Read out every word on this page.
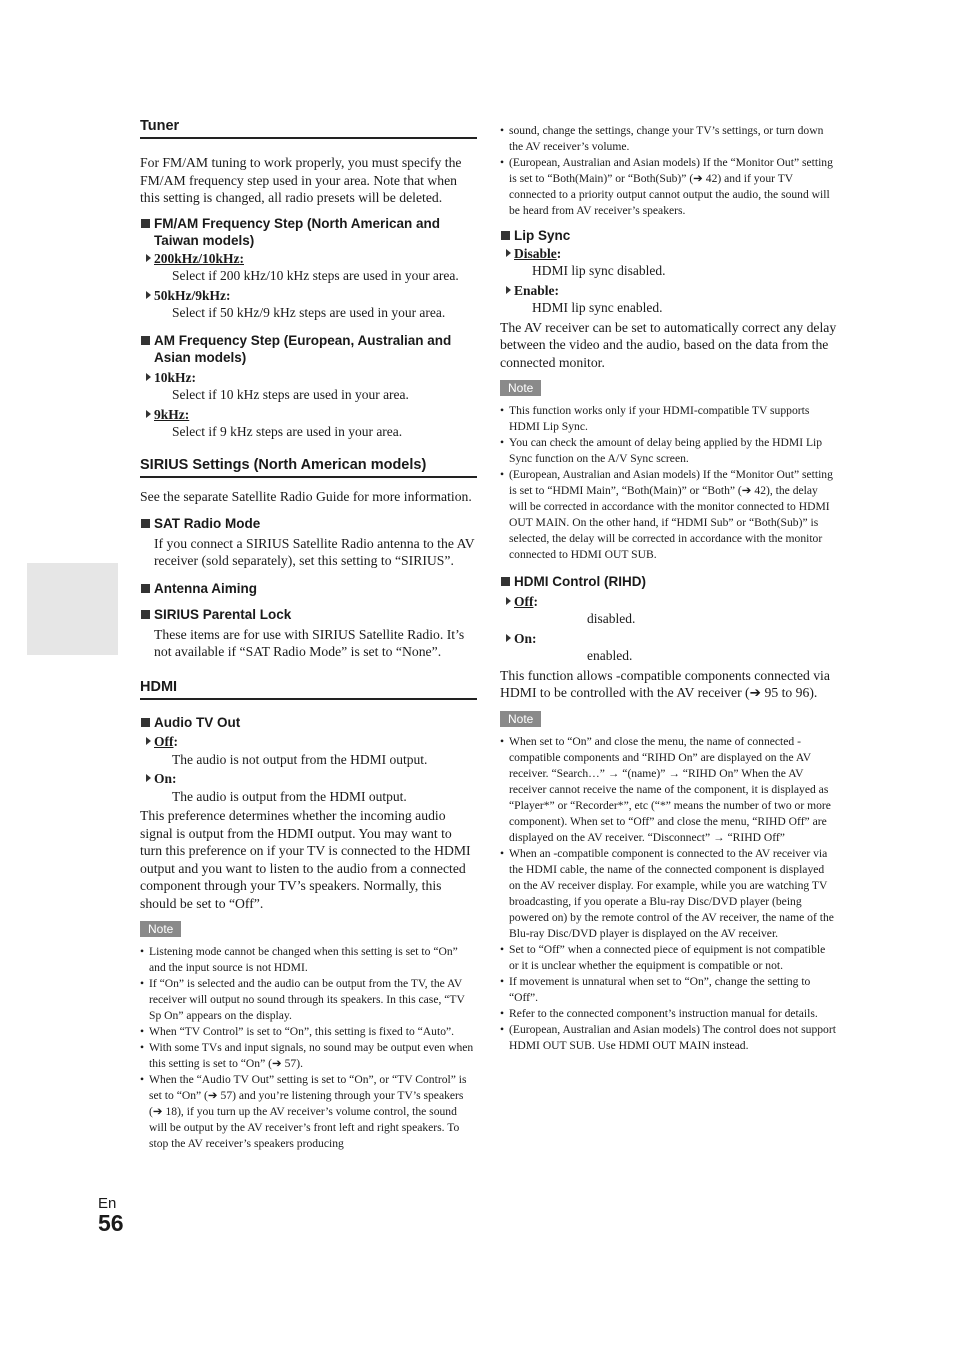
En
56
Tuner

For FM/AM tuning to work properly, you must specify the FM/AM frequency step used in your area. Note that when this setting is changed, all radio presets will be deleted.

FM/AM Frequency Step (North American and Taiwan models)

200kHz/10kHz:

Select if 200 kHz/10 kHz steps are used in your area.

50kHz/9kHz:

Select if 50 kHz/9 kHz steps are used in your area.

AM Frequency Step (European, Australian and Asian models)

10kHz:

Select if 10 kHz steps are used in your area.

9kHz:

Select if 9 kHz steps are used in your area.

SIRIUS Settings (North American models)

See the separate Satellite Radio Guide for more information.

SAT Radio Mode

If you connect a SIRIUS Satellite Radio antenna to the AV receiver (sold separately), set this setting to “SIRIUS”.

Antenna Aiming

SIRIUS Parental Lock

These items are for use with SIRIUS Satellite Radio. It’s not available if “SAT Radio Mode” is set to “None”.

HDMI

Audio TV Out

Off:

The audio is not output from the HDMI output.

On:

The audio is output from the HDMI output.

This preference determines whether the incoming audio signal is output from the HDMI output. You may want to turn this preference on if your TV is connected to the HDMI output and you want to listen to the audio from a connected component through your TV’s speakers. Normally, this should be set to “Off”.

Note
• Listening mode cannot be changed when this setting is set to “On” and the input source is not HDMI.
• If “On” is selected and the audio can be output from the TV, the AV receiver will output no sound through its speakers. In this case, “TV Sp On” appears on the display.
• When “TV Control” is set to “On”, this setting is fixed to “Auto”.
• With some TVs and input signals, no sound may be output even when this setting is set to “On” (➔ 57).
• When the “Audio TV Out” setting is set to “On”, or “TV Control” is set to “On” (➔ 57) and you’re listening through your TV’s speakers (➔ 18), if you turn up the AV receiver’s volume control, the sound will be output by the AV receiver’s front left and right speakers. To stop the AV receiver’s speakers producing
• sound, change the settings, change your TV’s settings, or turn down the AV receiver’s volume.
• (European, Australian and Asian models) If the “Monitor Out” setting is set to “Both(Main)” or “Both(Sub)” (➔ 42) and if your TV connected to a priority output cannot output the audio, the sound will be heard from AV receiver’s speakers.

Lip Sync

Disable:

HDMI lip sync disabled.

Enable:

HDMI lip sync enabled.

The AV receiver can be set to automatically correct any delay between the video and the audio, based on the data from the connected monitor.

Note
• This function works only if your HDMI-compatible TV supports HDMI Lip Sync.
• You can check the amount of delay being applied by the HDMI Lip Sync function on the A/V Sync screen.
• (European, Australian and Asian models) If the “Monitor Out” setting is set to “HDMI Main”, “Both(Main)” or “Both” (➔ 42), the delay will be corrected in accordance with the monitor connected to HDMI OUT MAIN. On the other hand, if “HDMI Sub” or “Both(Sub)” is selected, the delay will be corrected in accordance with the monitor connected to HDMI OUT SUB.

HDMI Control (RIHD)

Off:

disabled.

On:

enabled.

This function allows -compatible components connected via HDMI to be controlled with the AV receiver (➔ 95 to 96).

Note
• When set to “On” and close the menu, the name of connected -compatible components and “RIHD On” are displayed on the AV receiver. “Search…” → “(name)” → “RIHD On” When the AV receiver cannot receive the name of the component, it is displayed as “Player*” or “Recorder*”, etc (“*” means the number of two or more component). When set to “Off” and close the menu, “RIHD Off” are displayed on the AV receiver. “Disconnect” → “RIHD Off”
• When an -compatible component is connected to the AV receiver via the HDMI cable, the name of the connected component is displayed on the AV receiver display. For example, while you are watching TV broadcasting, if you operate a Blu-ray Disc/DVD player (being powered on) by the remote control of the AV receiver, the name of the Blu-ray Disc/DVD player is displayed on the AV receiver.
• Set to “Off” when a connected piece of equipment is not compatible or it is unclear whether the equipment is compatible or not.
• If movement is unnatural when set to “On”, change the setting to “Off”.
• Refer to the connected component’s instruction manual for details.
• (European, Australian and Asian models) The control does not support HDMI OUT SUB. Use HDMI OUT MAIN instead.
